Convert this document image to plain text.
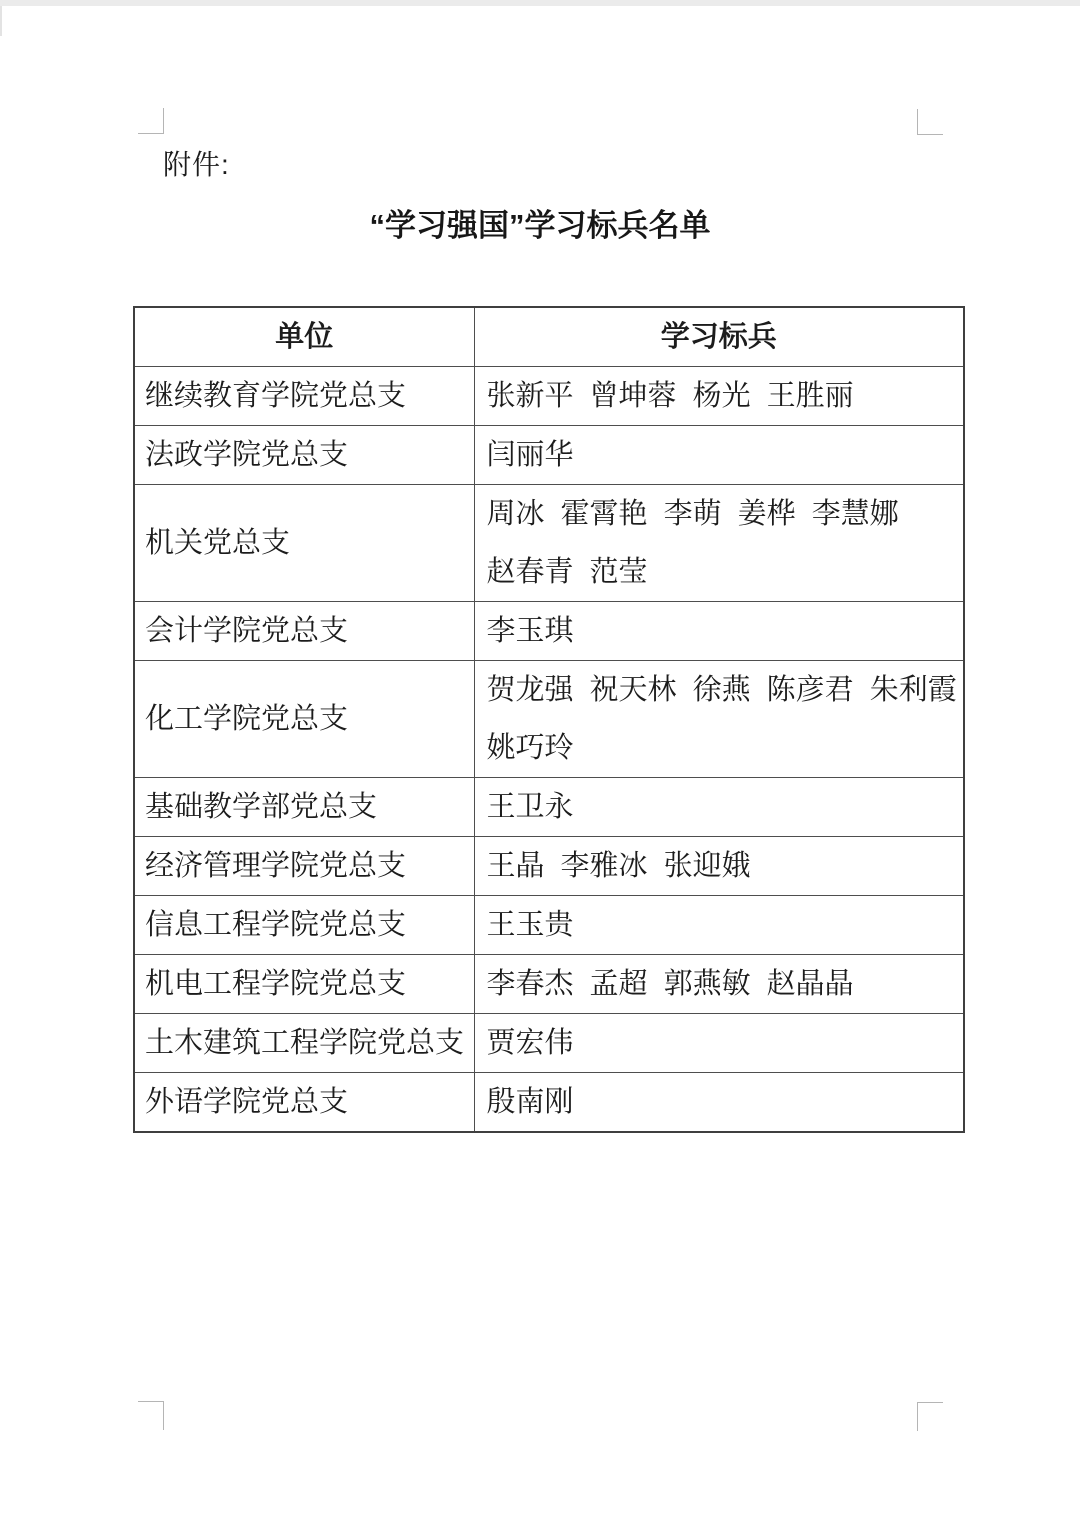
附件:
“学习强国”学习标兵名单
单位	学习标兵
继续教育学院党总支	张新平 曾坤蓉 杨光 王胜丽

法政学院党总支	闫丽华

机关党总支	周冰 霍霄艳 李萌 姜桦 李慧娜
赵春青 范莹

会计学院党总支	李玉琪

化工学院党总支	贺龙强 祝天林 徐燕 陈彦君 朱利霞
姚巧玲

基础教学部党总支	王卫永

经济管理学院党总支	王晶 李雅冰 张迎娥

信息工程学院党总支	王玉贵

机电工程学院党总支	李春杰 孟超 郭燕敏 赵晶晶

土木建筑工程学院党总支	贾宏伟

外语学院党总支	殷南刚
